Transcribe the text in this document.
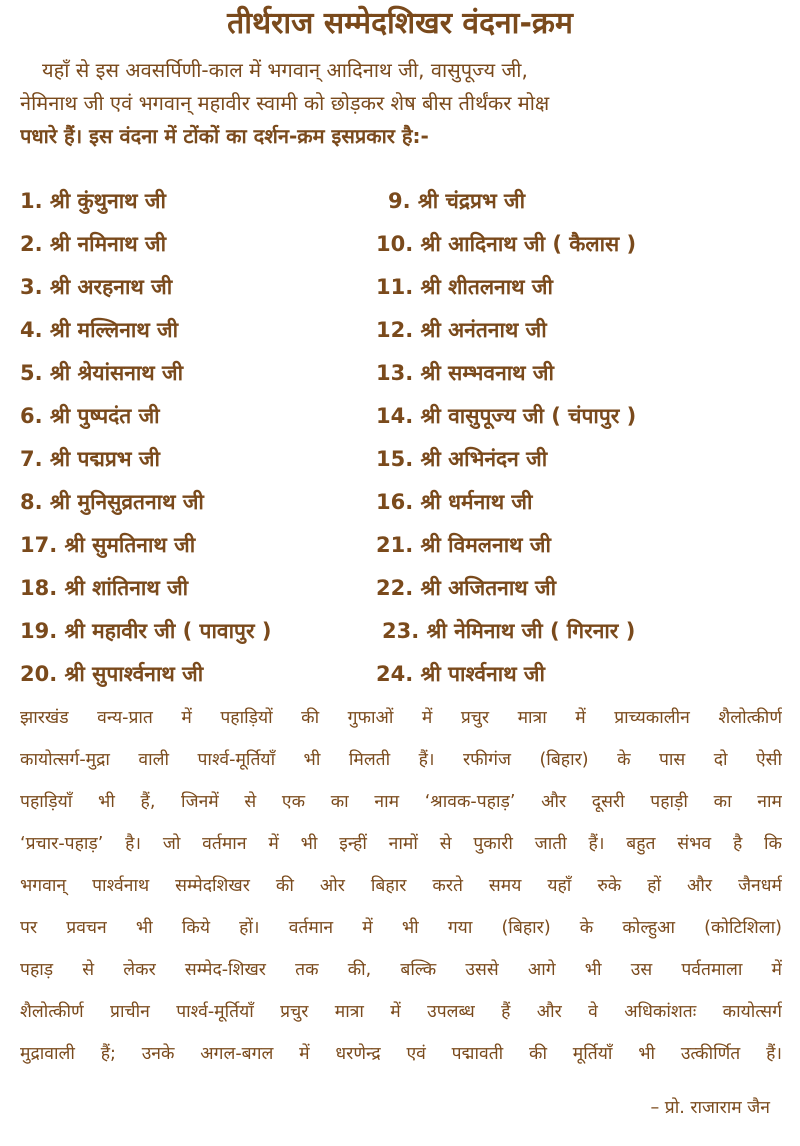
तीर्थराज सम्मेदशिखर वंदना-क्रम
यहाँ से इस अवसर्पिणी-काल में भगवान् आदिनाथ जी, वासुपूज्य जी,
नेमिनाथ जी एवं भगवान् महावीर स्वामी को छोड़कर शेष बीस तीर्थंकर मोक्ष
पधारे हैं। इस वंदना में टोंकों का दर्शन-क्रम इसप्रकार है:-
1. श्री कुंथुनाथ जी	9. श्री चंद्रप्रभ जी
2. श्री नमिनाथ जी	10. श्री आदिनाथ जी ( कैलास )
3. श्री अरहनाथ जी	11. श्री शीतलनाथ जी
4. श्री मल्लिनाथ जी	12. श्री अनंतनाथ जी
5. श्री श्रेयांसनाथ जी	13. श्री सम्भवनाथ जी
6. श्री पुष्पदंत जी	14. श्री वासुपूज्य जी ( चंपापुर )
7. श्री पद्मप्रभ जी	15. श्री अभिनंदन जी
8. श्री मुनिसुव्रतनाथ जी	16. श्री धर्मनाथ जी
17. श्री सुमतिनाथ जी	21. श्री विमलनाथ जी
18. श्री शांतिनाथ जी	22. श्री अजितनाथ जी
19. श्री महावीर जी ( पावापुर )	23. श्री नेमिनाथ जी ( गिरनार )
20. श्री सुपार्श्वनाथ जी	24. श्री पार्श्वनाथ जी
झारखंड वन्य-प्रात में पहाड़ियों की गुफाओं में प्रचुर मात्रा में प्राच्यकालीन शैलोत्कीर्ण
कायोत्सर्ग-मुद्रा वाली पार्श्व-मूर्तियाँ भी मिलती हैं। रफीगंज (बिहार) के पास दो ऐसी
पहाड़ियाँ भी हैं, जिनमें से एक का नाम ‘श्रावक-पहाड़’ और दूसरी पहाड़ी का नाम
‘प्रचार-पहाड़’ है। जो वर्तमान में भी इन्हीं नामों से पुकारी जाती हैं। बहुत संभव है कि
भगवान् पार्श्वनाथ सम्मेदशिखर की ओर बिहार करते समय यहाँ रुके हों और जैनधर्म
पर प्रवचन भी किये हों। वर्तमान में भी गया (बिहार) के कोल्हुआ (कोटिशिला)
पहाड़ से लेकर सम्मेद-शिखर तक की, बल्कि उससे आगे भी उस पर्वतमाला में
शैलोत्कीर्ण प्राचीन पार्श्व-मूर्तियाँ प्रचुर मात्रा में उपलब्ध हैं और वे अधिकांशतः कायोत्सर्ग
मुद्रावाली हैं; उनके अगल-बगल में धरणेन्द्र एवं पद्मावती की मूर्तियाँ भी उत्कीर्णित हैं।
– प्रो. राजाराम जैन
